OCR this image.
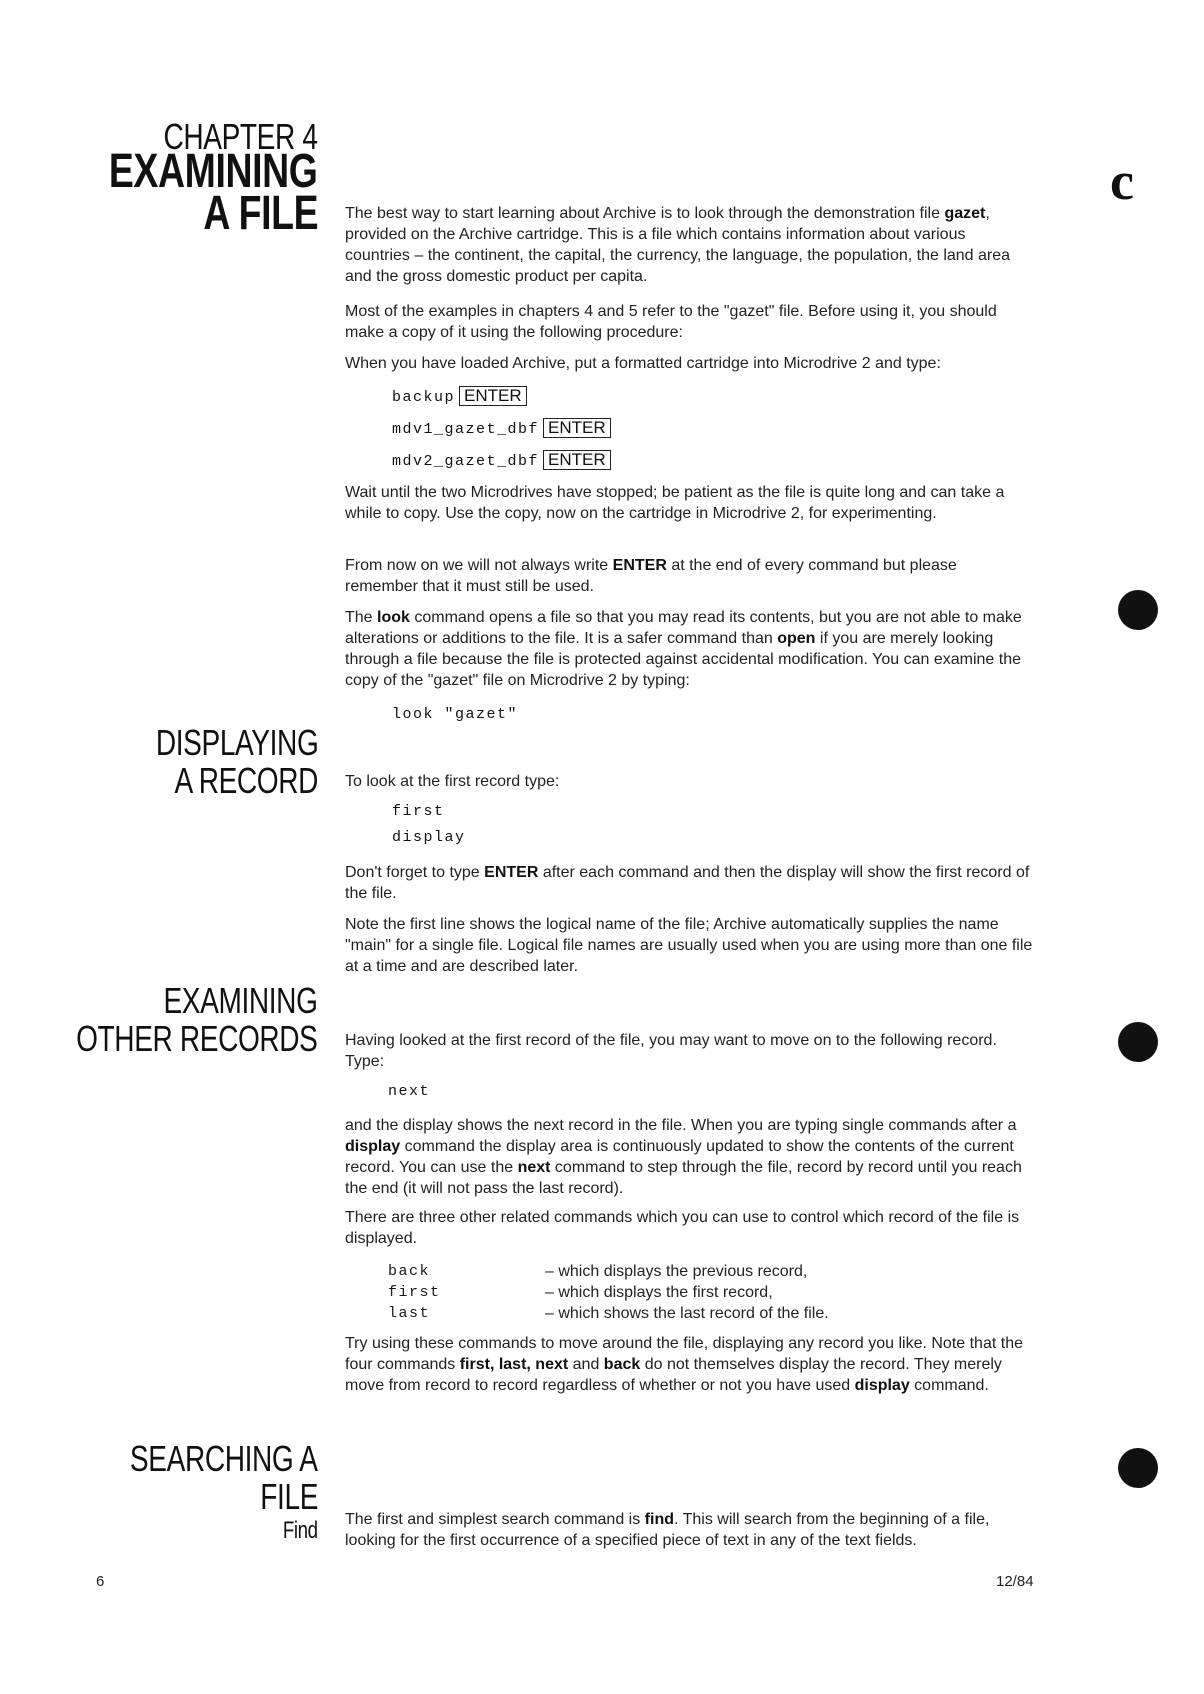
CHAPTER 4
EXAMINING
A FILE
DISPLAYING
A RECORD
EXAMINING
OTHER RECORDS
SEARCHING A
FILE
Find

The best way to start learning about Archive is to look through the demonstration file gazet, provided on the Archive cartridge. This is a file which contains information about various countries – the continent, the capital, the currency, the language, the population, the land area and the gross domestic product per capita.

Most of the examples in chapters 4 and 5 refer to the "gazet" file. Before using it, you should make a copy of it using the following procedure:

When you have loaded Archive, put a formatted cartridge into Microdrive 2 and type:

backup ENTER
mdv1_gazet_dbf ENTER
mdv2_gazet_dbf ENTER

Wait until the two Microdrives have stopped; be patient as the file is quite long and can take a while to copy. Use the copy, now on the cartridge in Microdrive 2, for experimenting.

From now on we will not always write ENTER at the end of every command but please remember that it must still be used.

The look command opens a file so that you may read its contents, but you are not able to make alterations or additions to the file. It is a safer command than open if you are merely looking through a file because the file is protected against accidental modification. You can examine the copy of the "gazet" file on Microdrive 2 by typing:

look "gazet"

To look at the first record type:

first
display

Don't forget to type ENTER after each command and then the display will show the first record of the file.

Note the first line shows the logical name of the file; Archive automatically supplies the name "main" for a single file. Logical file names are usually used when you are using more than one file at a time and are described later.

Having looked at the first record of the file, you may want to move on to the following record. Type:

next

and the display shows the next record in the file. When you are typing single commands after a display command the display area is continuously updated to show the contents of the current record. You can use the next command to step through the file, record by record until you reach the end (it will not pass the last record).

There are three other related commands which you can use to control which record of the file is displayed.

back	– which displays the previous record,
first	– which displays the first record,
last	– which shows the last record of the file.

Try using these commands to move around the file, displaying any record you like. Note that the four commands first, last, next and back do not themselves display the record. They merely move from record to record regardless of whether or not you have used display command.

The first and simplest search command is find. This will search from the beginning of a file, looking for the first occurrence of a specified piece of text in any of the text fields.

6	12/84
c
